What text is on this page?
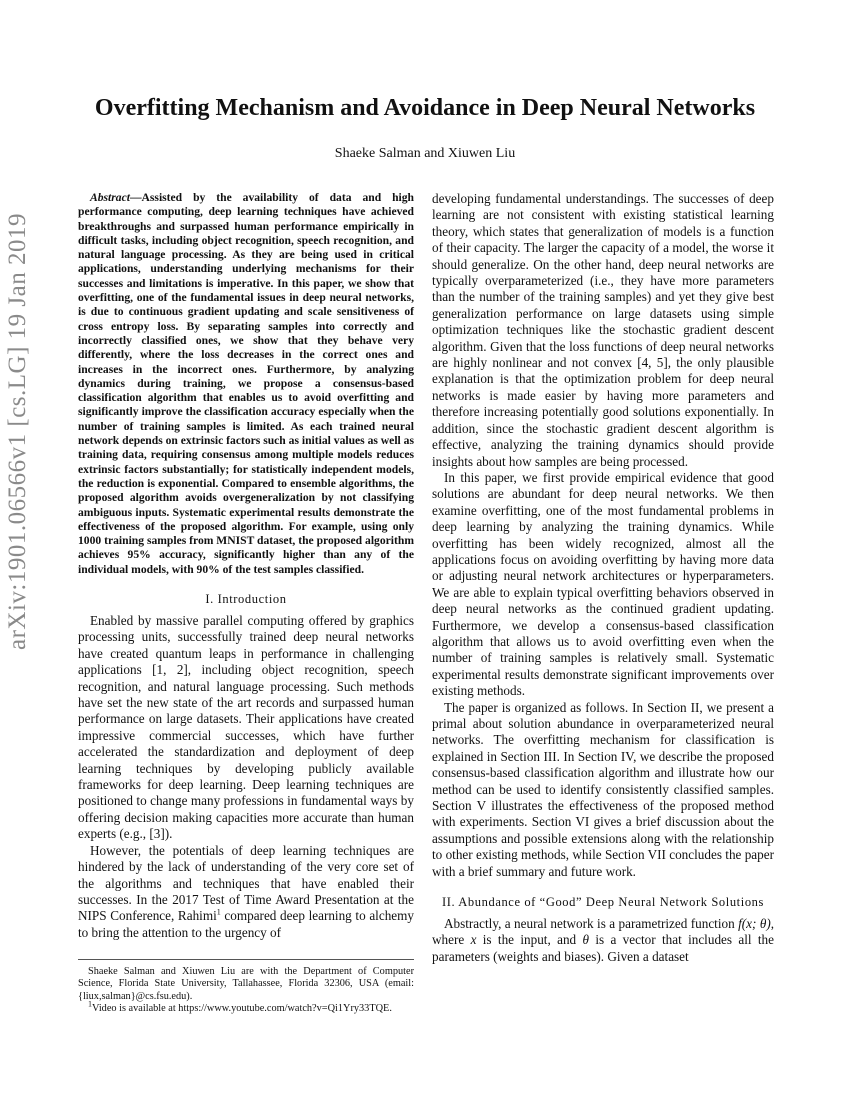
arXiv:1901.06566v1 [cs.LG] 19 Jan 2019
Overfitting Mechanism and Avoidance in Deep Neural Networks
Shaeke Salman and Xiuwen Liu

Abstract—Assisted by the availability of data and high performance computing, deep learning techniques have achieved breakthroughs and surpassed human performance empirically in difficult tasks, including object recognition, speech recognition, and natural language processing. As they are being used in critical applications, understanding underlying mechanisms for their successes and limitations is imperative. In this paper, we show that overfitting, one of the fundamental issues in deep neural networks, is due to continuous gradient updating and scale sensitiveness of cross entropy loss. By separating samples into correctly and incorrectly classified ones, we show that they behave very differently, where the loss decreases in the correct ones and increases in the incorrect ones. Furthermore, by analyzing dynamics during training, we propose a consensus-based classification algorithm that enables us to avoid overfitting and significantly improve the classification accuracy especially when the number of training samples is limited. As each trained neural network depends on extrinsic factors such as initial values as well as training data, requiring consensus among multiple models reduces extrinsic factors substantially; for statistically independent models, the reduction is exponential. Compared to ensemble algorithms, the proposed algorithm avoids overgeneralization by not classifying ambiguous inputs. Systematic experimental results demonstrate the effectiveness of the proposed algorithm. For example, using only 1000 training samples from MNIST dataset, the proposed algorithm achieves 95% accuracy, significantly higher than any of the individual models, with 90% of the test samples classified.

I. Introduction

Enabled by massive parallel computing offered by graphics processing units, successfully trained deep neural networks have created quantum leaps in performance in challenging applications [1, 2], including object recognition, speech recognition, and natural language processing. Such methods have set the new state of the art records and surpassed human performance on large datasets. Their applications have created impressive commercial successes, which have further accelerated the standardization and deployment of deep learning techniques by developing publicly available frameworks for deep learning. Deep learning techniques are positioned to change many professions in fundamental ways by offering decision making capacities more accurate than human experts (e.g., [3]).

However, the potentials of deep learning techniques are hindered by the lack of understanding of the very core set of the algorithms and techniques that have enabled their successes. In the 2017 Test of Time Award Presentation at the NIPS Conference, Rahimi$^1$ compared deep learning to alchemy to bring the attention to the urgency of

Shaeke Salman and Xiuwen Liu are with the Department of Computer Science, Florida State University, Tallahassee, Florida 32306, USA (email: {liux,salman}@cs.fsu.edu).
$^1$Video is available at https://www.youtube.com/watch?v=Qi1Yry33TQE.

developing fundamental understandings. The successes of deep learning are not consistent with existing statistical learning theory, which states that generalization of models is a function of their capacity. The larger the capacity of a model, the worse it should generalize. On the other hand, deep neural networks are typically overparameterized (i.e., they have more parameters than the number of the training samples) and yet they give best generalization performance on large datasets using simple optimization techniques like the stochastic gradient descent algorithm. Given that the loss functions of deep neural networks are highly nonlinear and not convex [4, 5], the only plausible explanation is that the optimization problem for deep neural networks is made easier by having more parameters and therefore increasing potentially good solutions exponentially. In addition, since the stochastic gradient descent algorithm is effective, analyzing the training dynamics should provide insights about how samples are being processed.

In this paper, we first provide empirical evidence that good solutions are abundant for deep neural networks. We then examine overfitting, one of the most fundamental problems in deep learning by analyzing the training dynamics. While overfitting has been widely recognized, almost all the applications focus on avoiding overfitting by having more data or adjusting neural network architectures or hyperparameters. We are able to explain typical overfitting behaviors observed in deep neural networks as the continued gradient updating. Furthermore, we develop a consensus-based classification algorithm that allows us to avoid overfitting even when the number of training samples is relatively small. Systematic experimental results demonstrate significant improvements over existing methods.

The paper is organized as follows. In Section II, we present a primal about solution abundance in overparameterized neural networks. The overfitting mechanism for classification is explained in Section III. In Section IV, we describe the proposed consensus-based classification algorithm and illustrate how our method can be used to identify consistently classified samples. Section V illustrates the effectiveness of the proposed method with experiments. Section VI gives a brief discussion about the assumptions and possible extensions along with the relationship to other existing methods, while Section VII concludes the paper with a brief summary and future work.

II. Abundance of “Good” Deep Neural Network Solutions

Abstractly, a neural network is a parametrized function f(x; θ), where x is the input, and θ is a vector that includes all the parameters (weights and biases). Given a dataset
